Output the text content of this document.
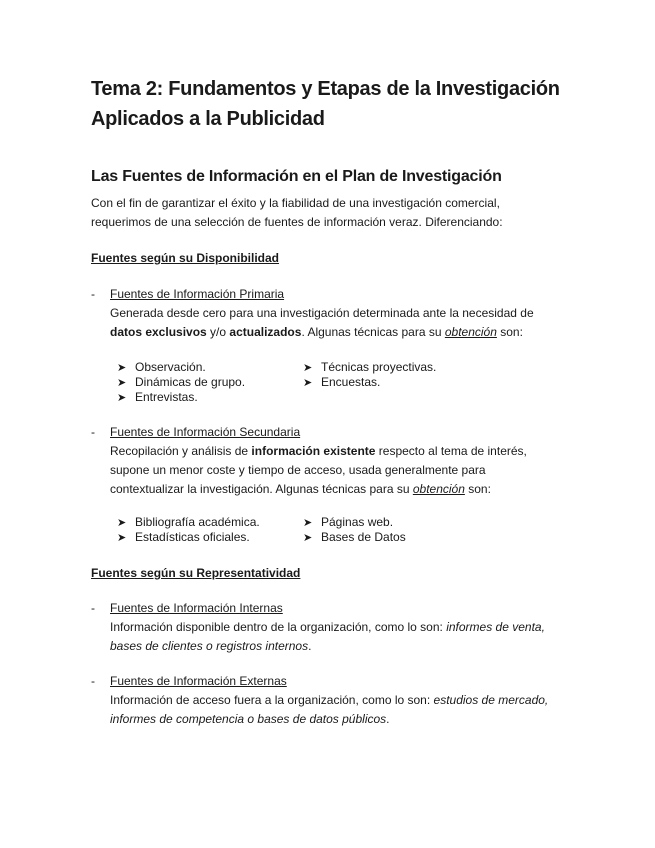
Tema 2: Fundamentos y Etapas de la Investigación
Aplicados a la Publicidad
Las Fuentes de Información en el Plan de Investigación

Con el fin de garantizar el éxito y la fiabilidad de una investigación comercial,
requerimos de una selección de fuentes de información veraz. Diferenciando:

Fuentes según su Disponibilidad
- Fuentes de Información Primaria
Generada desde cero para una investigación determinada ante la necesidad de
datos exclusivos y/o actualizados. Algunas técnicas para su obtención son:
➤ Observación.
➤ Dinámicas de grupo.
➤ Entrevistas.
➤ Técnicas proyectivas.
➤ Encuestas.
- Fuentes de Información Secundaria
Recopilación y análisis de información existente respecto al tema de interés,
supone un menor coste y tiempo de acceso, usada generalmente para
contextualizar la investigación. Algunas técnicas para su obtención son:
➤ Bibliografía académica.
➤ Estadísticas oficiales.
➤ Páginas web.
➤ Bases de Datos
Fuentes según su Representatividad
- Fuentes de Información Internas
Información disponible dentro de la organización, como lo son: informes de venta,
bases de clientes o registros internos.
- Fuentes de Información Externas
Información de acceso fuera a la organización, como lo son: estudios de mercado,
informes de competencia o bases de datos públicos.
